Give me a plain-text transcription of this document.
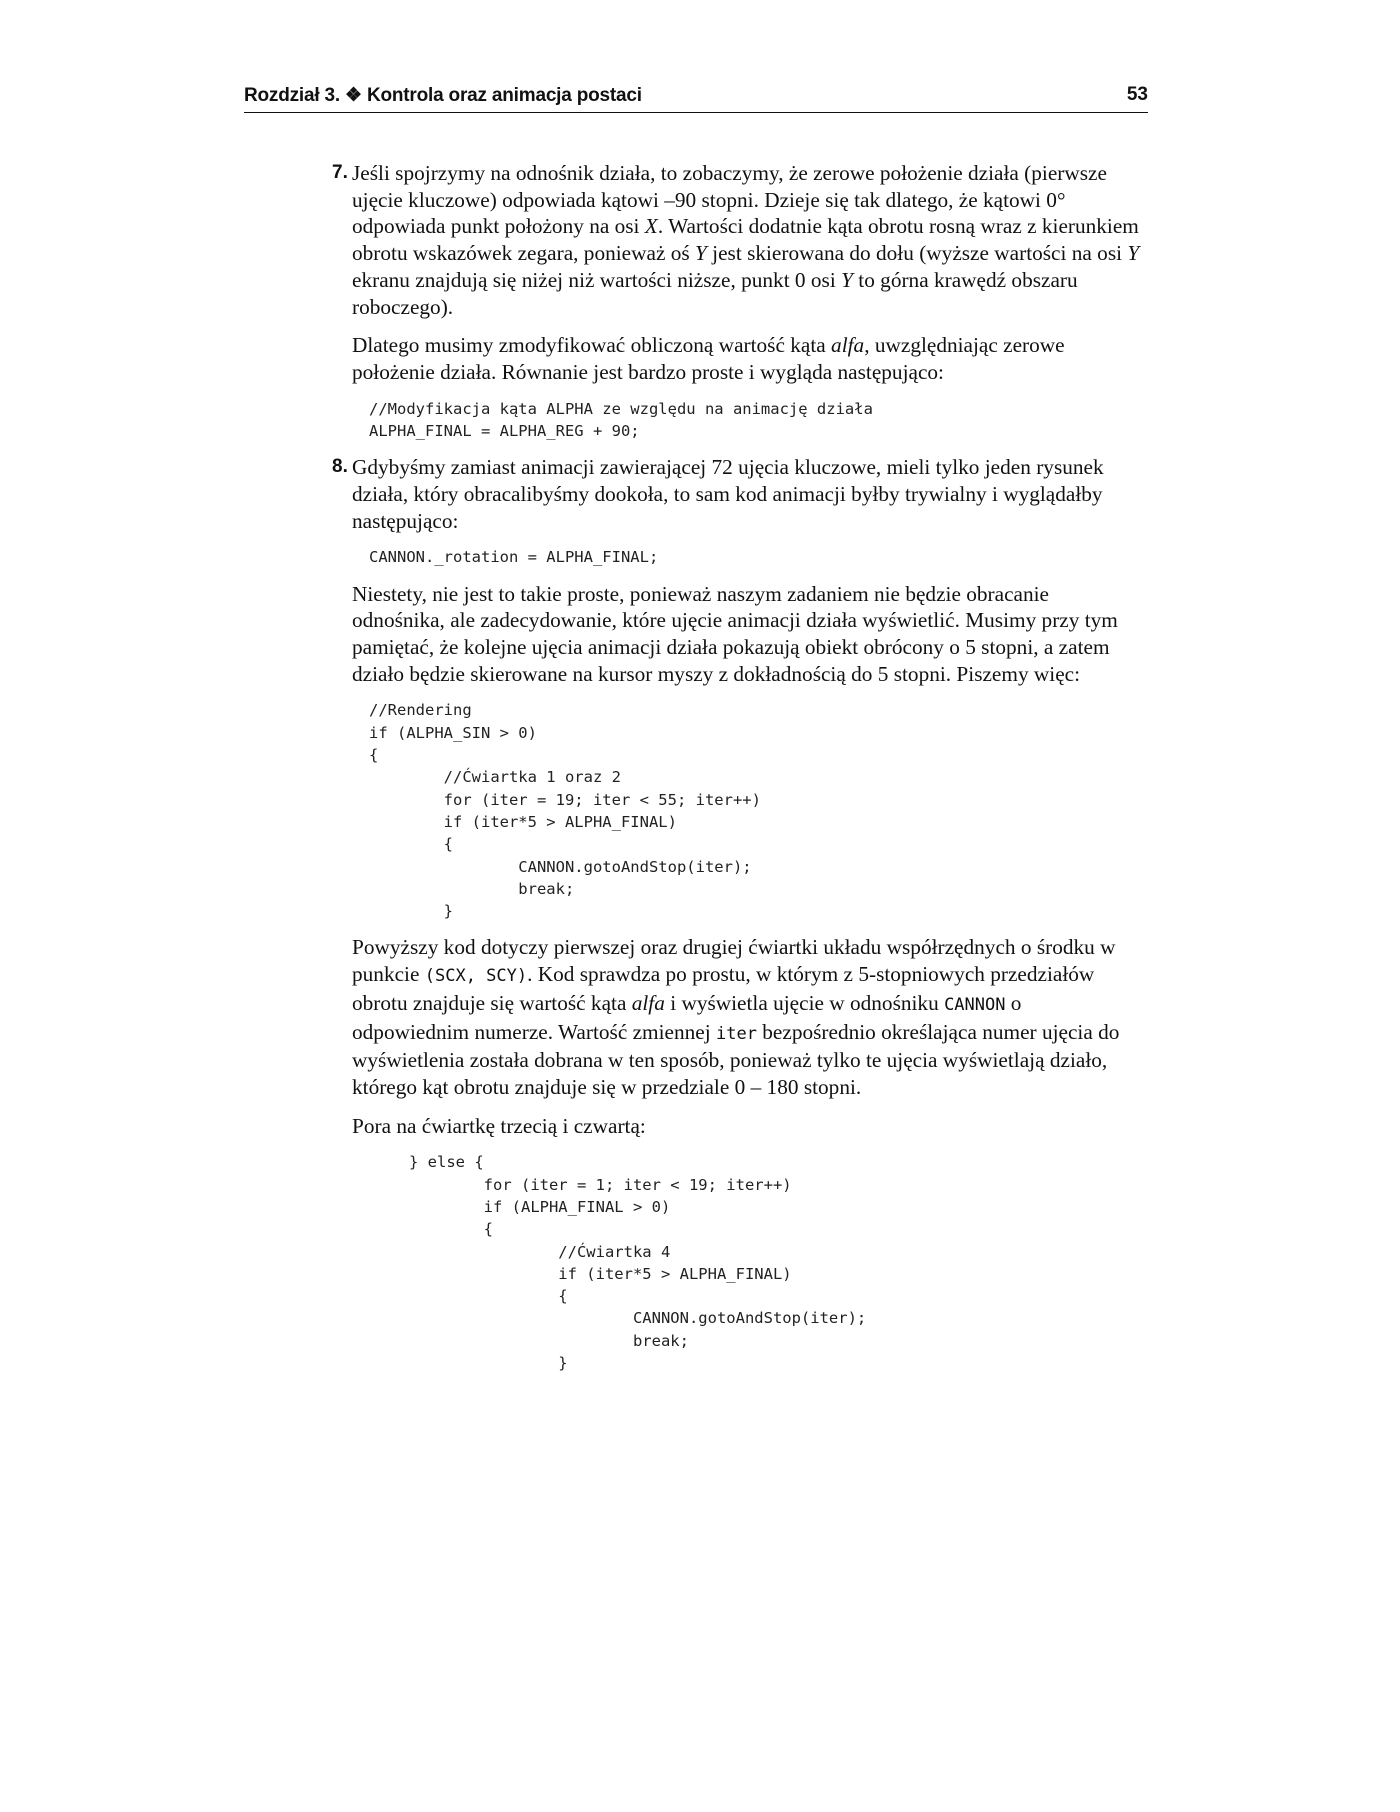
Rozdział 3. ❖ Kontrola oraz animacja postaci	53
7. Jeśli spojrzymy na odnośnik działa, to zobaczymy, że zerowe położenie działa (pierwsze ujęcie kluczowe) odpowiada kątowi –90 stopni. Dzieje się tak dlatego, że kątowi 0° odpowiada punkt położony na osi X. Wartości dodatnie kąta obrotu rosną wraz z kierunkiem obrotu wskazówek zegara, ponieważ oś Y jest skierowana do dołu (wyższe wartości na osi Y ekranu znajdują się niżej niż wartości niższe, punkt 0 osi Y to górna krawędź obszaru roboczego).

Dlatego musimy zmodyfikować obliczoną wartość kąta alfa, uwzględniając zerowe położenie działa. Równanie jest bardzo proste i wygląda następująco:

//Modyfikacja kąta ALPHA ze względu na animację działa
ALPHA_FINAL = ALPHA_REG + 90;
8. Gdybyśmy zamiast animacji zawierającej 72 ujęcia kluczowe, mieli tylko jeden rysunek działa, który obracalibyśmy dookoła, to sam kod animacji byłby trywialny i wyglądałby następująco:

CANNON._rotation = ALPHA_FINAL;

Niestety, nie jest to takie proste, ponieważ naszym zadaniem nie będzie obracanie odnośnika, ale zadecydowanie, które ujęcie animacji działa wyświetlić. Musimy przy tym pamiętać, że kolejne ujęcia animacji działa pokazują obiekt obrócony o 5 stopni, a zatem działo będzie skierowane na kursor myszy z dokładnością do 5 stopni. Piszemy więc:

//Rendering
if (ALPHA_SIN > 0)
{
//Ćwiartka 1 oraz 2
for (iter = 19; iter < 55; iter++)
if (iter*5 > ALPHA_FINAL)
{
CANNON.gotoAndStop(iter);
break;
}

Powyższy kod dotyczy pierwszej oraz drugiej ćwiartki układu współrzędnych o środku w punkcie (SCX, SCY). Kod sprawdza po prostu, w którym z 5-stopniowych przedziałów obrotu znajduje się wartość kąta alfa i wyświetla ujęcie w odnośniku CANNON o odpowiednim numerze. Wartość zmiennej iter bezpośrednio określająca numer ujęcia do wyświetlenia została dobrana w ten sposób, ponieważ tylko te ujęcia wyświetlają działo, którego kąt obrotu znajduje się w przedziale 0 – 180 stopni.

Pora na ćwiartkę trzecią i czwartą:

} else {
for (iter = 1; iter < 19; iter++)
if (ALPHA_FINAL > 0)
{
//Ćwiartka 4
if (iter*5 > ALPHA_FINAL)
{
CANNON.gotoAndStop(iter);
break;
}
